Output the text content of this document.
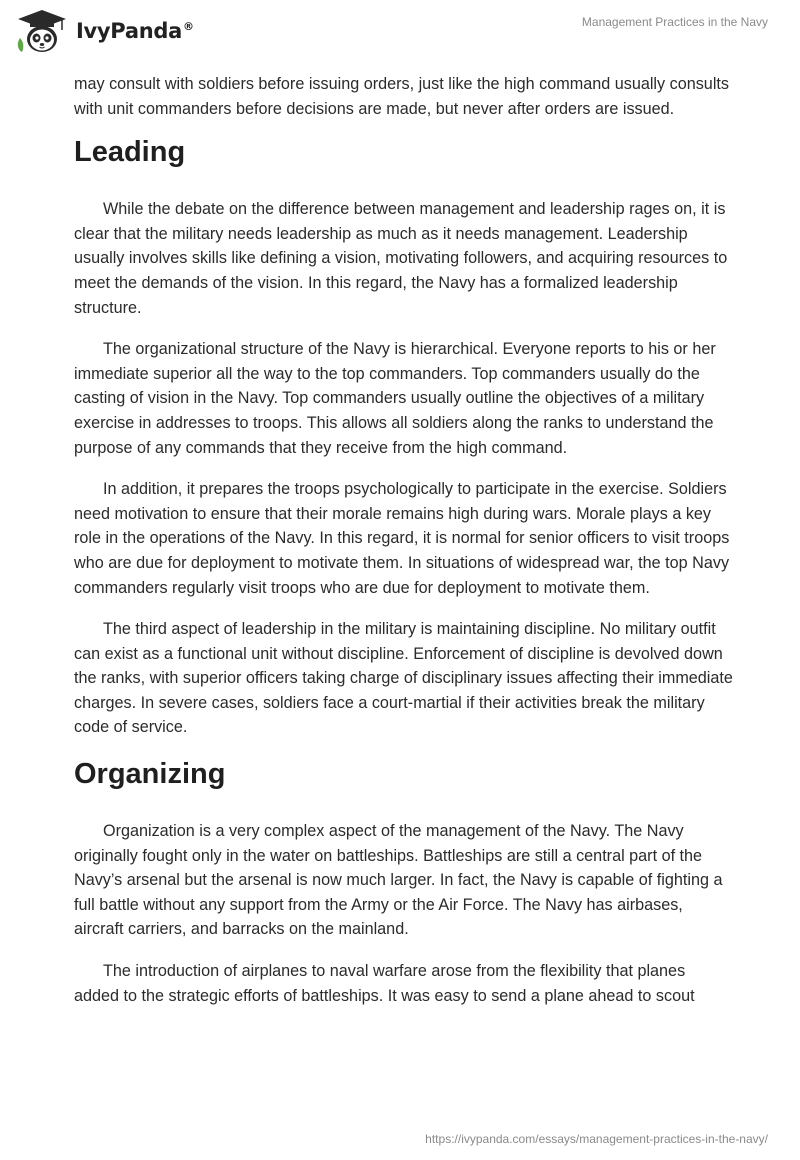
IvyPanda®	Management Practices in the Navy

may consult with soldiers before issuing orders, just like the high command usually consults with unit commanders before decisions are made, but never after orders are issued.

Leading

While the debate on the difference between management and leadership rages on, it is clear that the military needs leadership as much as it needs management. Leadership usually involves skills like defining a vision, motivating followers, and acquiring resources to meet the demands of the vision. In this regard, the Navy has a formalized leadership structure.

The organizational structure of the Navy is hierarchical. Everyone reports to his or her immediate superior all the way to the top commanders. Top commanders usually do the casting of vision in the Navy. Top commanders usually outline the objectives of a military exercise in addresses to troops. This allows all soldiers along the ranks to understand the purpose of any commands that they receive from the high command.

In addition, it prepares the troops psychologically to participate in the exercise. Soldiers need motivation to ensure that their morale remains high during wars. Morale plays a key role in the operations of the Navy. In this regard, it is normal for senior officers to visit troops who are due for deployment to motivate them. In situations of widespread war, the top Navy commanders regularly visit troops who are due for deployment to motivate them.

The third aspect of leadership in the military is maintaining discipline. No military outfit can exist as a functional unit without discipline. Enforcement of discipline is devolved down the ranks, with superior officers taking charge of disciplinary issues affecting their immediate charges. In severe cases, soldiers face a court-martial if their activities break the military code of service.

Organizing

Organization is a very complex aspect of the management of the Navy. The Navy originally fought only in the water on battleships. Battleships are still a central part of the Navy’s arsenal but the arsenal is now much larger. In fact, the Navy is capable of fighting a full battle without any support from the Army or the Air Force. The Navy has airbases, aircraft carriers, and barracks on the mainland.

The introduction of airplanes to naval warfare arose from the flexibility that planes added to the strategic efforts of battleships. It was easy to send a plane ahead to scout

https://ivypanda.com/essays/management-practices-in-the-navy/
